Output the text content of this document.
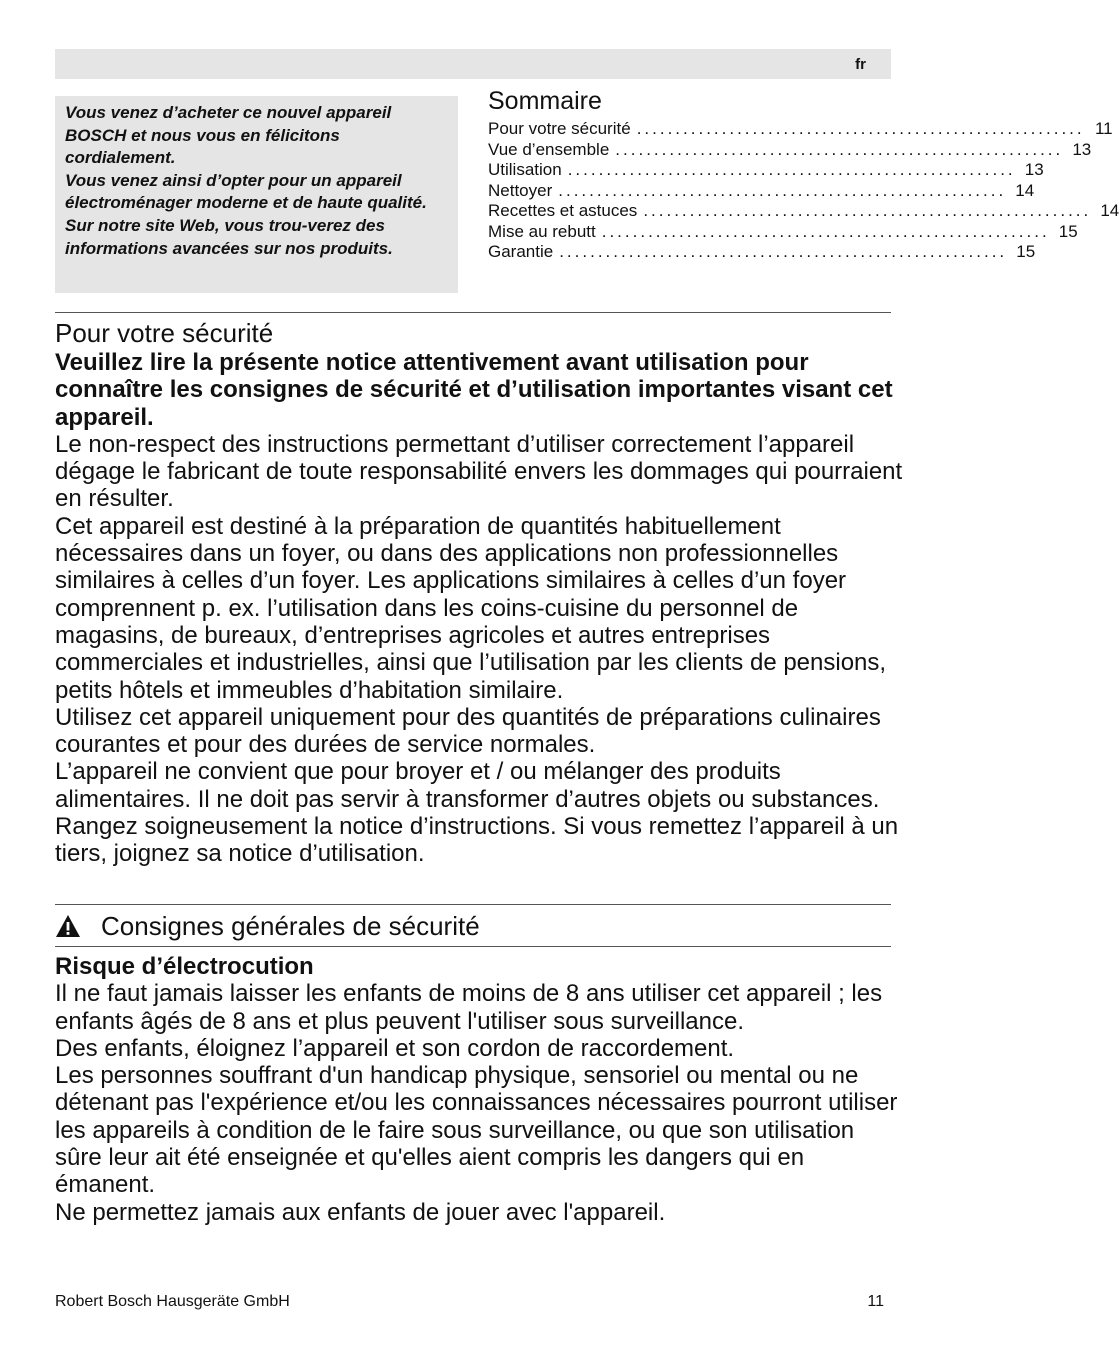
fr

Vous venez d’acheter ce nouvel appareil BOSCH et nous vous en félicitons cordialement.

Vous venez ainsi d’opter pour un appareil électroménager moderne et de haute qualité. Sur notre site Web, vous trou-verez des informations avancées sur nos produits.

Sommaire
Pour votre sécurité .......................................................... 11
Vue d’ensemble .......................................................... 13
Utilisation .......................................................... 13
Nettoyer .......................................................... 14
Recettes et astuces .......................................................... 14
Mise au rebutt .......................................................... 15
Garantie .......................................................... 15
Pour votre sécurité

Veuillez lire la présente notice attentivement avant utilisation pour connaître les consignes de sécurité et d’utilisation importantes visant cet appareil.

Le non-respect des instructions permettant d’utiliser correctement l’appareil dégage le fabricant de toute responsabilité envers les dommages qui pourraient en résulter.

Cet appareil est destiné à la préparation de quantités habituellement nécessaires dans un foyer, ou dans des applications non professionnelles similaires à celles d’un foyer. Les applications similaires à celles d’un foyer comprennent p. ex. l’utilisation dans les coins-cuisine du personnel de magasins, de bureaux, d’entreprises agricoles et autres entreprises commerciales et industrielles, ainsi que l’utilisation par les clients de pensions, petits hôtels et immeubles d’habitation similaire.

Utilisez cet appareil uniquement pour des quantités de préparations culinaires courantes et pour des durées de service normales.

L’appareil ne convient que pour broyer et / ou mélanger des produits alimentaires. Il ne doit pas servir à transformer d’autres objets ou substances.

Rangez soigneusement la notice d’instructions. Si vous remettez l’appareil à un tiers, joignez sa notice d’utilisation.

Consignes générales de sécurité

Risque d’électrocution

Il ne faut jamais laisser les enfants de moins de 8 ans utiliser cet appareil ; les enfants âgés de 8 ans et plus peuvent l'utiliser sous surveillance.

Des enfants, éloignez l’appareil et son cordon de raccordement.

Les personnes souffrant d'un handicap physique, sensoriel ou mental ou ne détenant pas l'expérience et/ou les connaissances nécessaires pourront utiliser les appareils à condition de le faire sous surveillance, ou que son utilisation sûre leur ait été enseignée et qu'elles aient compris les dangers qui en émanent.

Ne permettez jamais aux enfants de jouer avec l'appareil.

Robert Bosch Hausgeräte GmbH	11
